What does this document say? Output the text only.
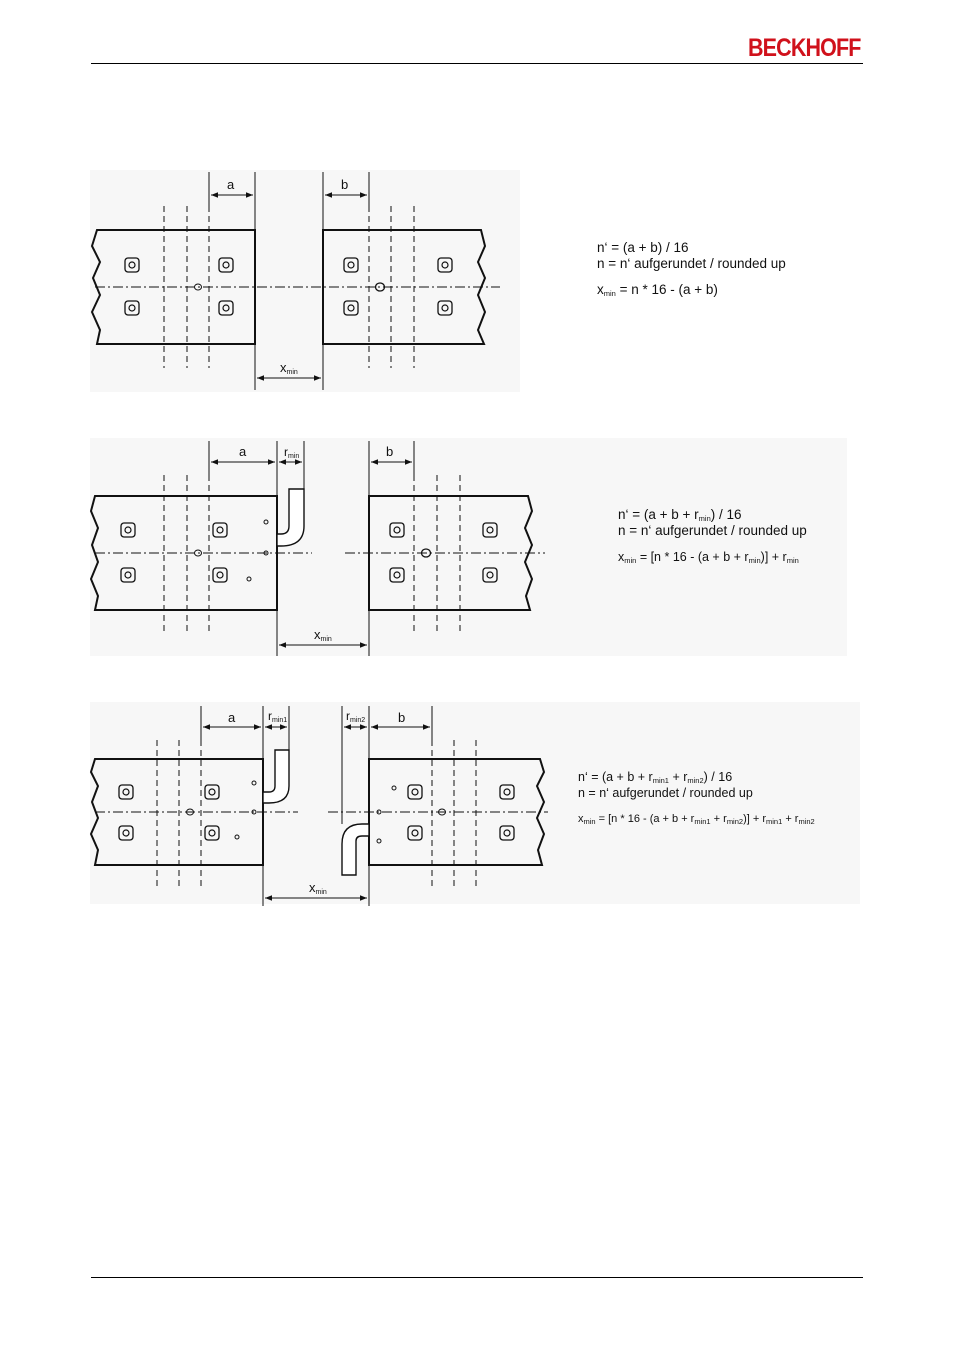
BECKHOFF
a	b
xmin
a	rmin	b
xmin
a	rmin1	rmin2	b
xmin
n‘ = (a + b) / 16
n = n‘ aufgerundet / rounded up
$x_{min} = n * 16 - (a + b)$
n‘ = $(a + b + r_{min}) / 16$
n = n‘ aufgerundet / rounded up
$x_{min} = [n * 16 - (a + b + r_{min})] + r_{min}$
n‘ = $(a + b + r_{min1} + r_{min2}) / 16$
n = n‘ aufgerundet / rounded up
$x_{min} = [n * 16 - (a + b + r_{min1} + r_{min2})] + r_{min1} + r_{min2}$
